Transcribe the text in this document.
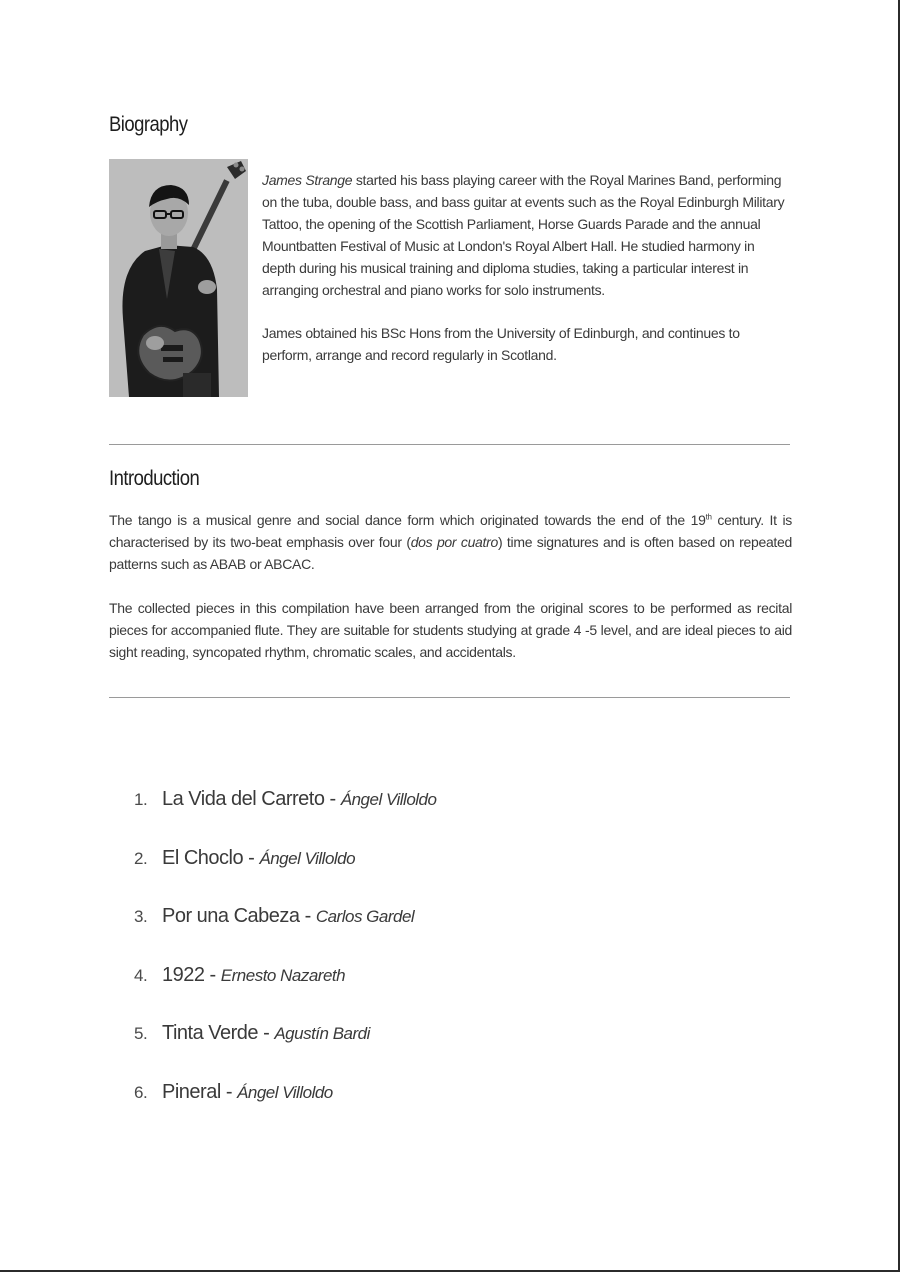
Biography

James Strange started his bass playing career with the Royal Marines Band, performing on the tuba, double bass, and bass guitar at events such as the Royal Edinburgh Military Tattoo, the opening of the Scottish Parliament, Horse Guards Parade and the annual Mountbatten Festival of Music at London's Royal Albert Hall. He studied harmony in depth during his musical training and diploma studies, taking a particular interest in arranging orchestral and piano works for solo instruments.

James obtained his BSc Hons from the University of Edinburgh, and continues to perform, arrange and record regularly in Scotland.

Introduction

The tango is a musical genre and social dance form which originated towards the end of the 19th century. It is characterised by its two-beat emphasis over four (dos por cuatro) time signatures and is often based on repeated patterns such as ABAB or ABCAC.

The collected pieces in this compilation have been arranged from the original scores to be performed as recital pieces for accompanied flute. They are suitable for students studying at grade 4 -5 level, and are ideal pieces to aid sight reading, syncopated rhythm, chromatic scales, and accidentals.

1. La Vida del Carreto - Ángel Villoldo
2. El Choclo - Ángel Villoldo
3. Por una Cabeza - Carlos Gardel
4. 1922 - Ernesto Nazareth
5. Tinta Verde - Agustín Bardi
6. Pineral - Ángel Villoldo
